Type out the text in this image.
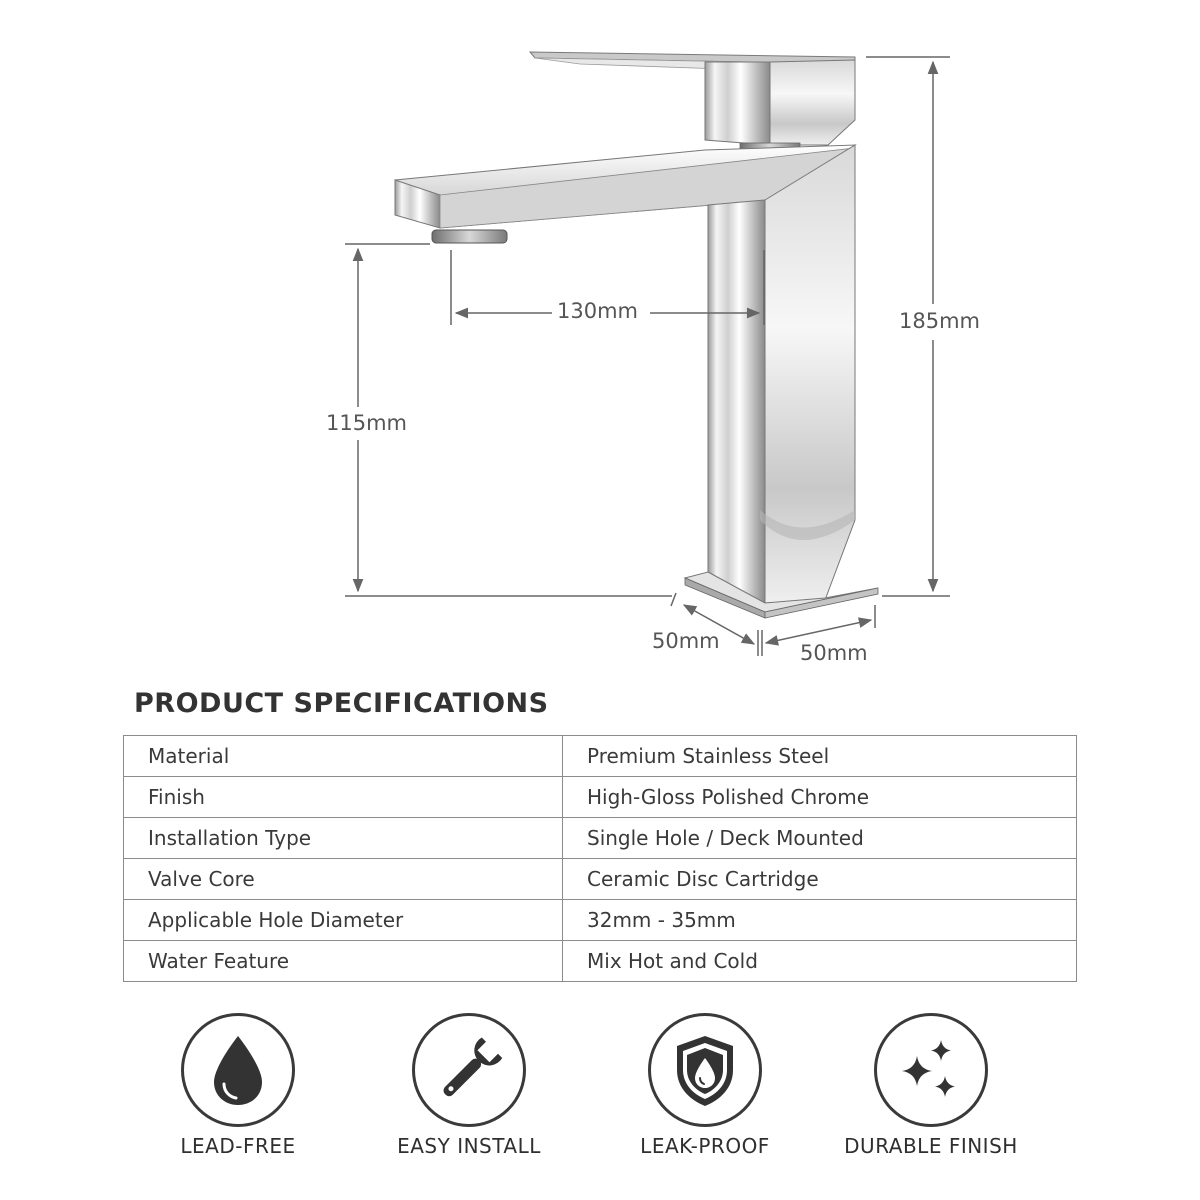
130mm	185mm
115mm
50mm	50mm
PRODUCT SPECIFICATIONS
Material	Premium Stainless Steel
Finish	High-Gloss Polished Chrome
Installation Type	Single Hole / Deck Mounted
Valve Core	Ceramic Disc Cartridge
Applicable Hole Diameter	32mm - 35mm
Water Feature	Mix Hot and Cold
LEAD-FREE	EASY INSTALL	LEAK-PROOF	DURABLE FINISH
